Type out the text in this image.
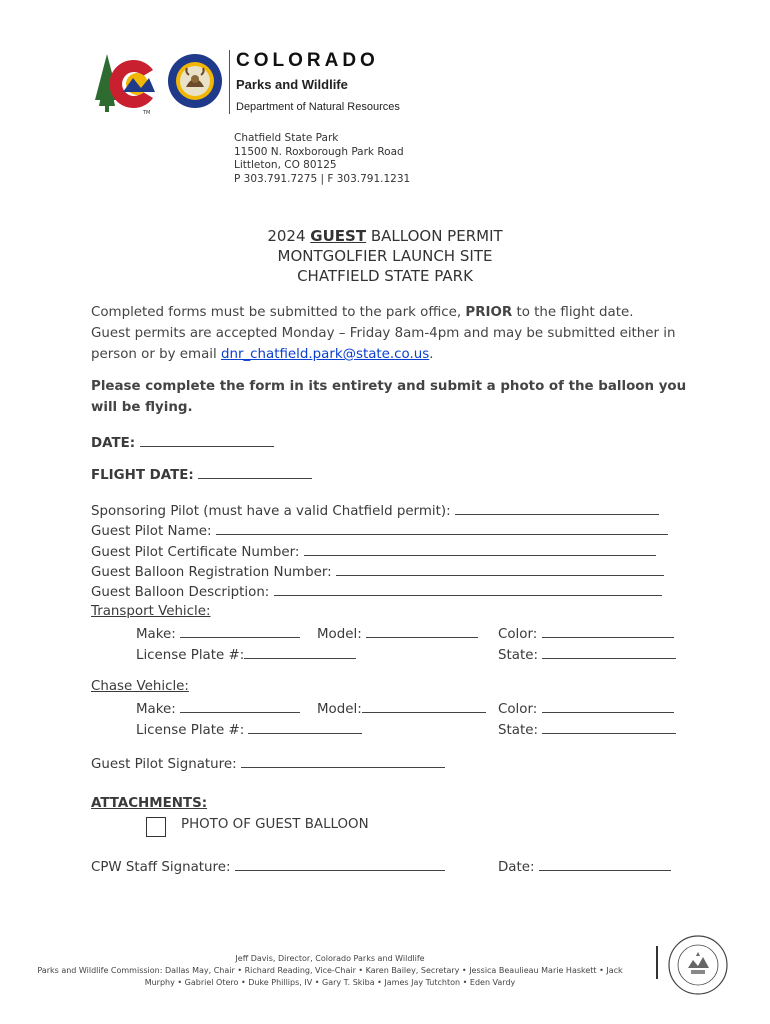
TM
COLORADO
Parks and Wildlife
Department of Natural Resources
Chatfield State Park
11500 N. Roxborough Park Road
Littleton, CO 80125
P 303.791.7275 | F 303.791.1231
2024 GUEST BALLOON PERMIT
MONTGOLFIER LAUNCH SITE
CHATFIELD STATE PARK
Completed forms must be submitted to the park office, PRIOR to the flight date.
Guest permits are accepted Monday – Friday 8am-4pm and may be submitted either in
person or by email dnr_chatfield.park@state.co.us.
Please complete the form in its entirety and submit a photo of the balloon you will be flying.
DATE:
FLIGHT DATE:
Sponsoring Pilot (must have a valid Chatfield permit):
Guest Pilot Name:
Guest Pilot Certificate Number:
Guest Balloon Registration Number:
Guest Balloon Description:
Transport Vehicle:
Make:	Model:	Color:
License Plate #:	State:
Chase Vehicle:
Make:	Model:	Color:
License Plate #:	State:
Guest Pilot Signature:
ATTACHMENTS:
PHOTO OF GUEST BALLOON
CPW Staff Signature:	Date:
Jeff Davis, Director, Colorado Parks and Wildlife
Parks and Wildlife Commission: Dallas May, Chair • Richard Reading, Vice-Chair • Karen Bailey, Secretary • Jessica Beaulieau Marie Haskett • Jack
Murphy • Gabriel Otero • Duke Phillips, IV • Gary T. Skiba • James Jay Tutchton • Eden Vardy
